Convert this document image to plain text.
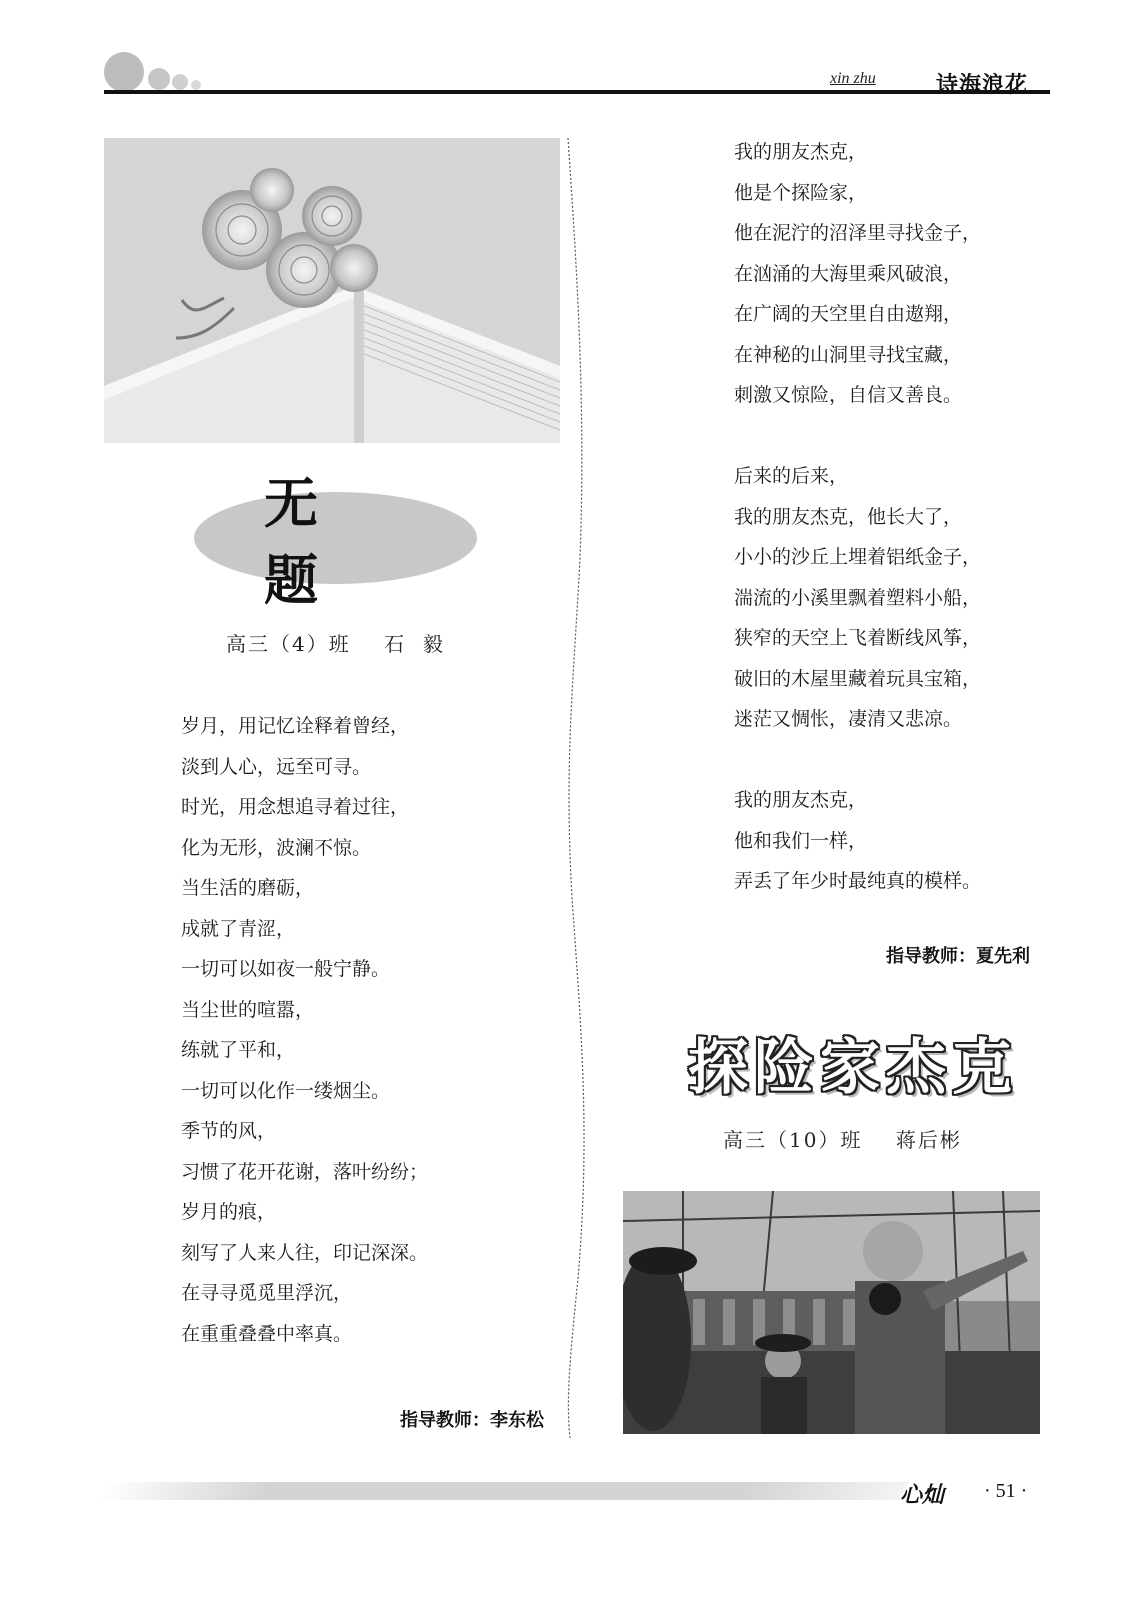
xin zhu	诗海浪花
无 题
高三（4）班    石  毅
岁月，用记忆诠释着曾经，
淡到人心，远至可寻。
时光，用念想追寻着过往，
化为无形，波澜不惊。
当生活的磨砺，
成就了青涩，
一切可以如夜一般宁静。
当尘世的喧嚣，
练就了平和，
一切可以化作一缕烟尘。
季节的风，
习惯了花开花谢，落叶纷纷；
岁月的痕，
刻写了人来人往，印记深深。
在寻寻觅觅里浮沉，
在重重叠叠中率真。
指导教师：李东松
我的朋友杰克，
他是个探险家，
他在泥泞的沼泽里寻找金子，
在汹涌的大海里乘风破浪，
在广阔的天空里自由遨翔，
在神秘的山洞里寻找宝藏，
刺激又惊险，自信又善良。
后来的后来，
我的朋友杰克，他长大了，
小小的沙丘上埋着铝纸金子，
湍流的小溪里飘着塑料小船，
狭窄的天空上飞着断线风筝，
破旧的木屋里藏着玩具宝箱，
迷茫又惆怅，凄清又悲凉。
我的朋友杰克，
他和我们一样，
弄丢了年少时最纯真的模样。
指导教师：夏先利
探险家杰克
高三（10）班    蒋后彬
心灿 · 51 ·
